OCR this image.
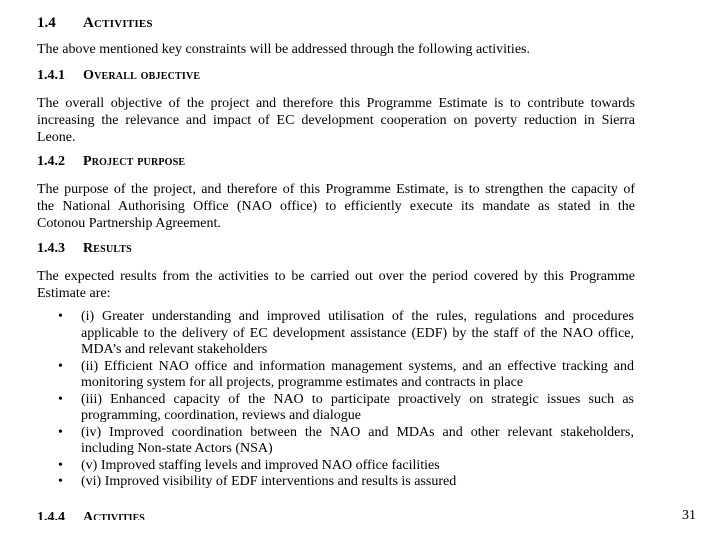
1.4 Activities
The above mentioned key constraints will be addressed through the following activities.
1.4.1 Overall objective
The overall objective of the project and therefore this Programme Estimate is to contribute towards
increasing the relevance and impact of EC development cooperation on poverty reduction in Sierra
Leone.
1.4.2 Project purpose
The purpose of the project, and therefore of this Programme Estimate, is to strengthen the capacity of
the National Authorising Office (NAO office) to efficiently execute its mandate as stated in the
Cotonou Partnership Agreement.
1.4.3 Results
The expected results from the activities to be carried out over the period covered by this Programme
Estimate are:
• (i) Greater understanding and improved utilisation of the rules, regulations and procedures applicable to the delivery of EC development assistance (EDF) by the staff of the NAO office, MDA’s and relevant stakeholders
• (ii) Efficient NAO office and information management systems, and an effective tracking and monitoring system for all projects, programme estimates and contracts in place
• (iii) Enhanced capacity of the NAO to participate proactively on strategic issues such as programming, coordination, reviews and dialogue
• (iv) Improved coordination between the NAO and MDAs and other relevant stakeholders, including Non-state Actors (NSA)
• (v) Improved staffing levels and improved NAO office facilities
• (vi) Improved visibility of EDF interventions and results is assured
1.4.4 Activities	31
